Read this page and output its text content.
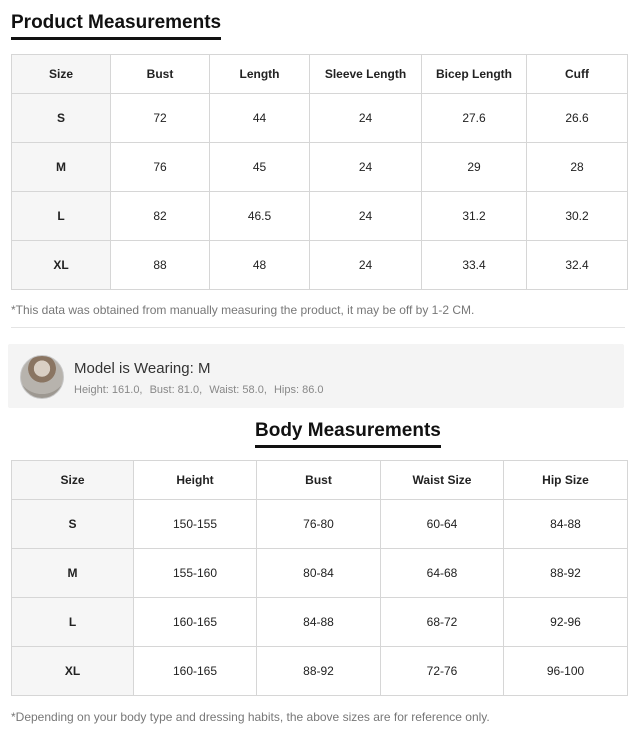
Product Measurements
Size	Bust	Length	Sleeve Length	Bicep Length	Cuff
S	72	44	24	27.6	26.6
M	76	45	24	29	28
L	82	46.5	24	31.2	30.2
XL	88	48	24	33.4	32.4
*This data was obtained from manually measuring the product, it may be off by 1-2 CM.
Model is Wearing: M
Height: 161.0, Bust: 81.0, Waist: 58.0, Hips: 86.0
Body Measurements
Size	Height	Bust	Waist Size	Hip Size
S	150-155	76-80	60-64	84-88
M	155-160	80-84	64-68	88-92
L	160-165	84-88	68-72	92-96
XL	160-165	88-92	72-76	96-100
*Depending on your body type and dressing habits, the above sizes are for reference only.
